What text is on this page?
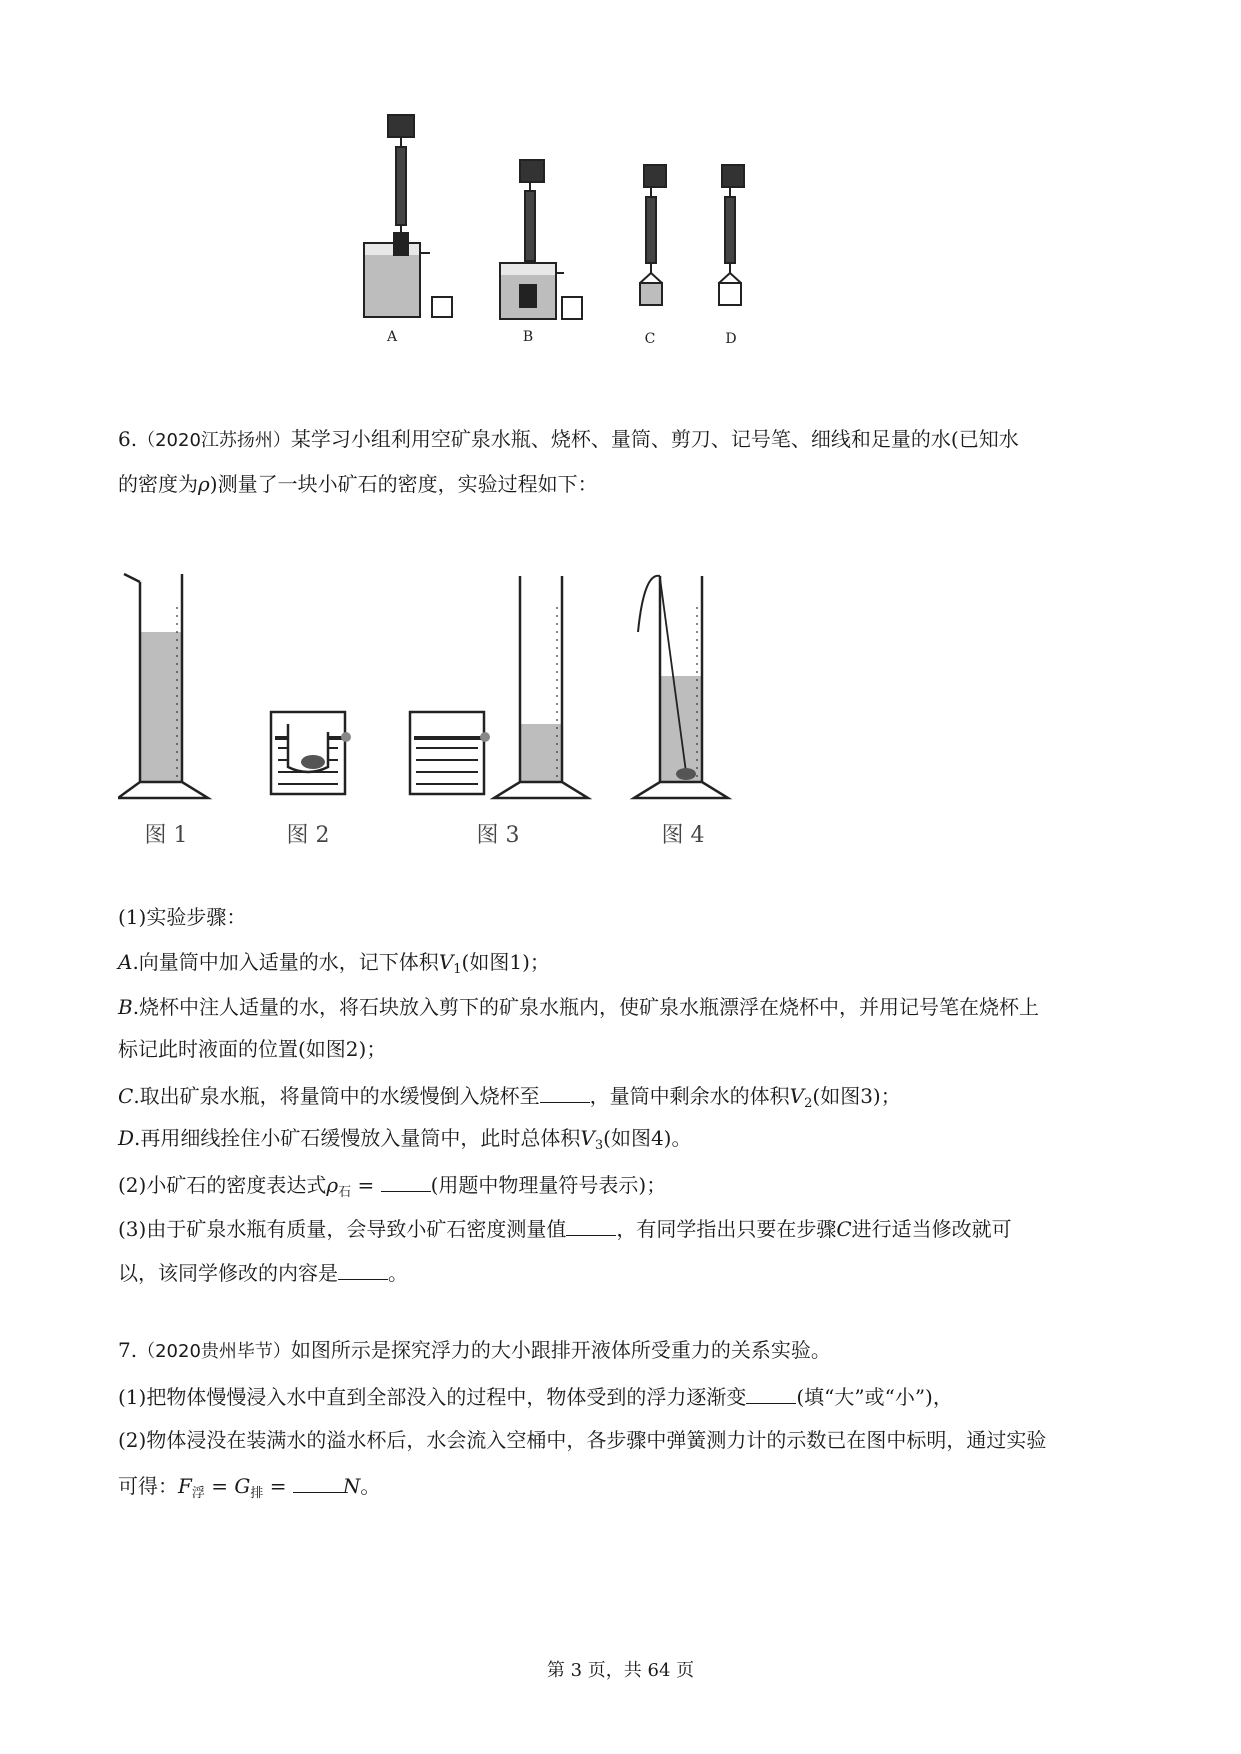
A	B	C	D
6.（2020江苏扬州）某学习小组利用空矿泉水瓶、烧杯、量筒、剪刀、记号笔、细线和足量的水(已知水
的密度为ρ)测量了一块小矿石的密度，实验过程如下：
图 1	图 2	图 3	图 4
(1)实验步骤：
A.向量筒中加入适量的水，记下体积$V_1$(如图1)；
B.烧杯中注人适量的水，将石块放入剪下的矿泉水瓶内，使矿泉水瓶漂浮在烧杯中，并用记号笔在烧杯上
标记此时液面的位置(如图2)；
C.取出矿泉水瓶，将量筒中的水缓慢倒入烧杯至	，量筒中剩余水的体积$V_2$(如图3)；
D.再用细线拴住小矿石缓慢放入量筒中，此时总体积$V_3$(如图4)。
(2)小矿石的密度表达式$\rho_石$ =	(用题中物理量符号表示)；
(3)由于矿泉水瓶有质量，会导致小矿石密度测量值	，有同学指出只要在步骤C进行适当修改就可
以，该同学修改的内容是	。
7.（2020贵州毕节）如图所示是探究浮力的大小跟排开液体所受重力的关系实验。
(1)把物体慢慢浸入水中直到全部没入的过程中，物体受到的浮力逐渐变	(填“大”或“小”)，
(2)物体浸没在装满水的溢水杯后，水会流入空桶中，各步骤中弹簧测力计的示数已在图中标明，通过实验
可得：$F_浮 = G_排$ =	N。
第 3 页，共 64 页
